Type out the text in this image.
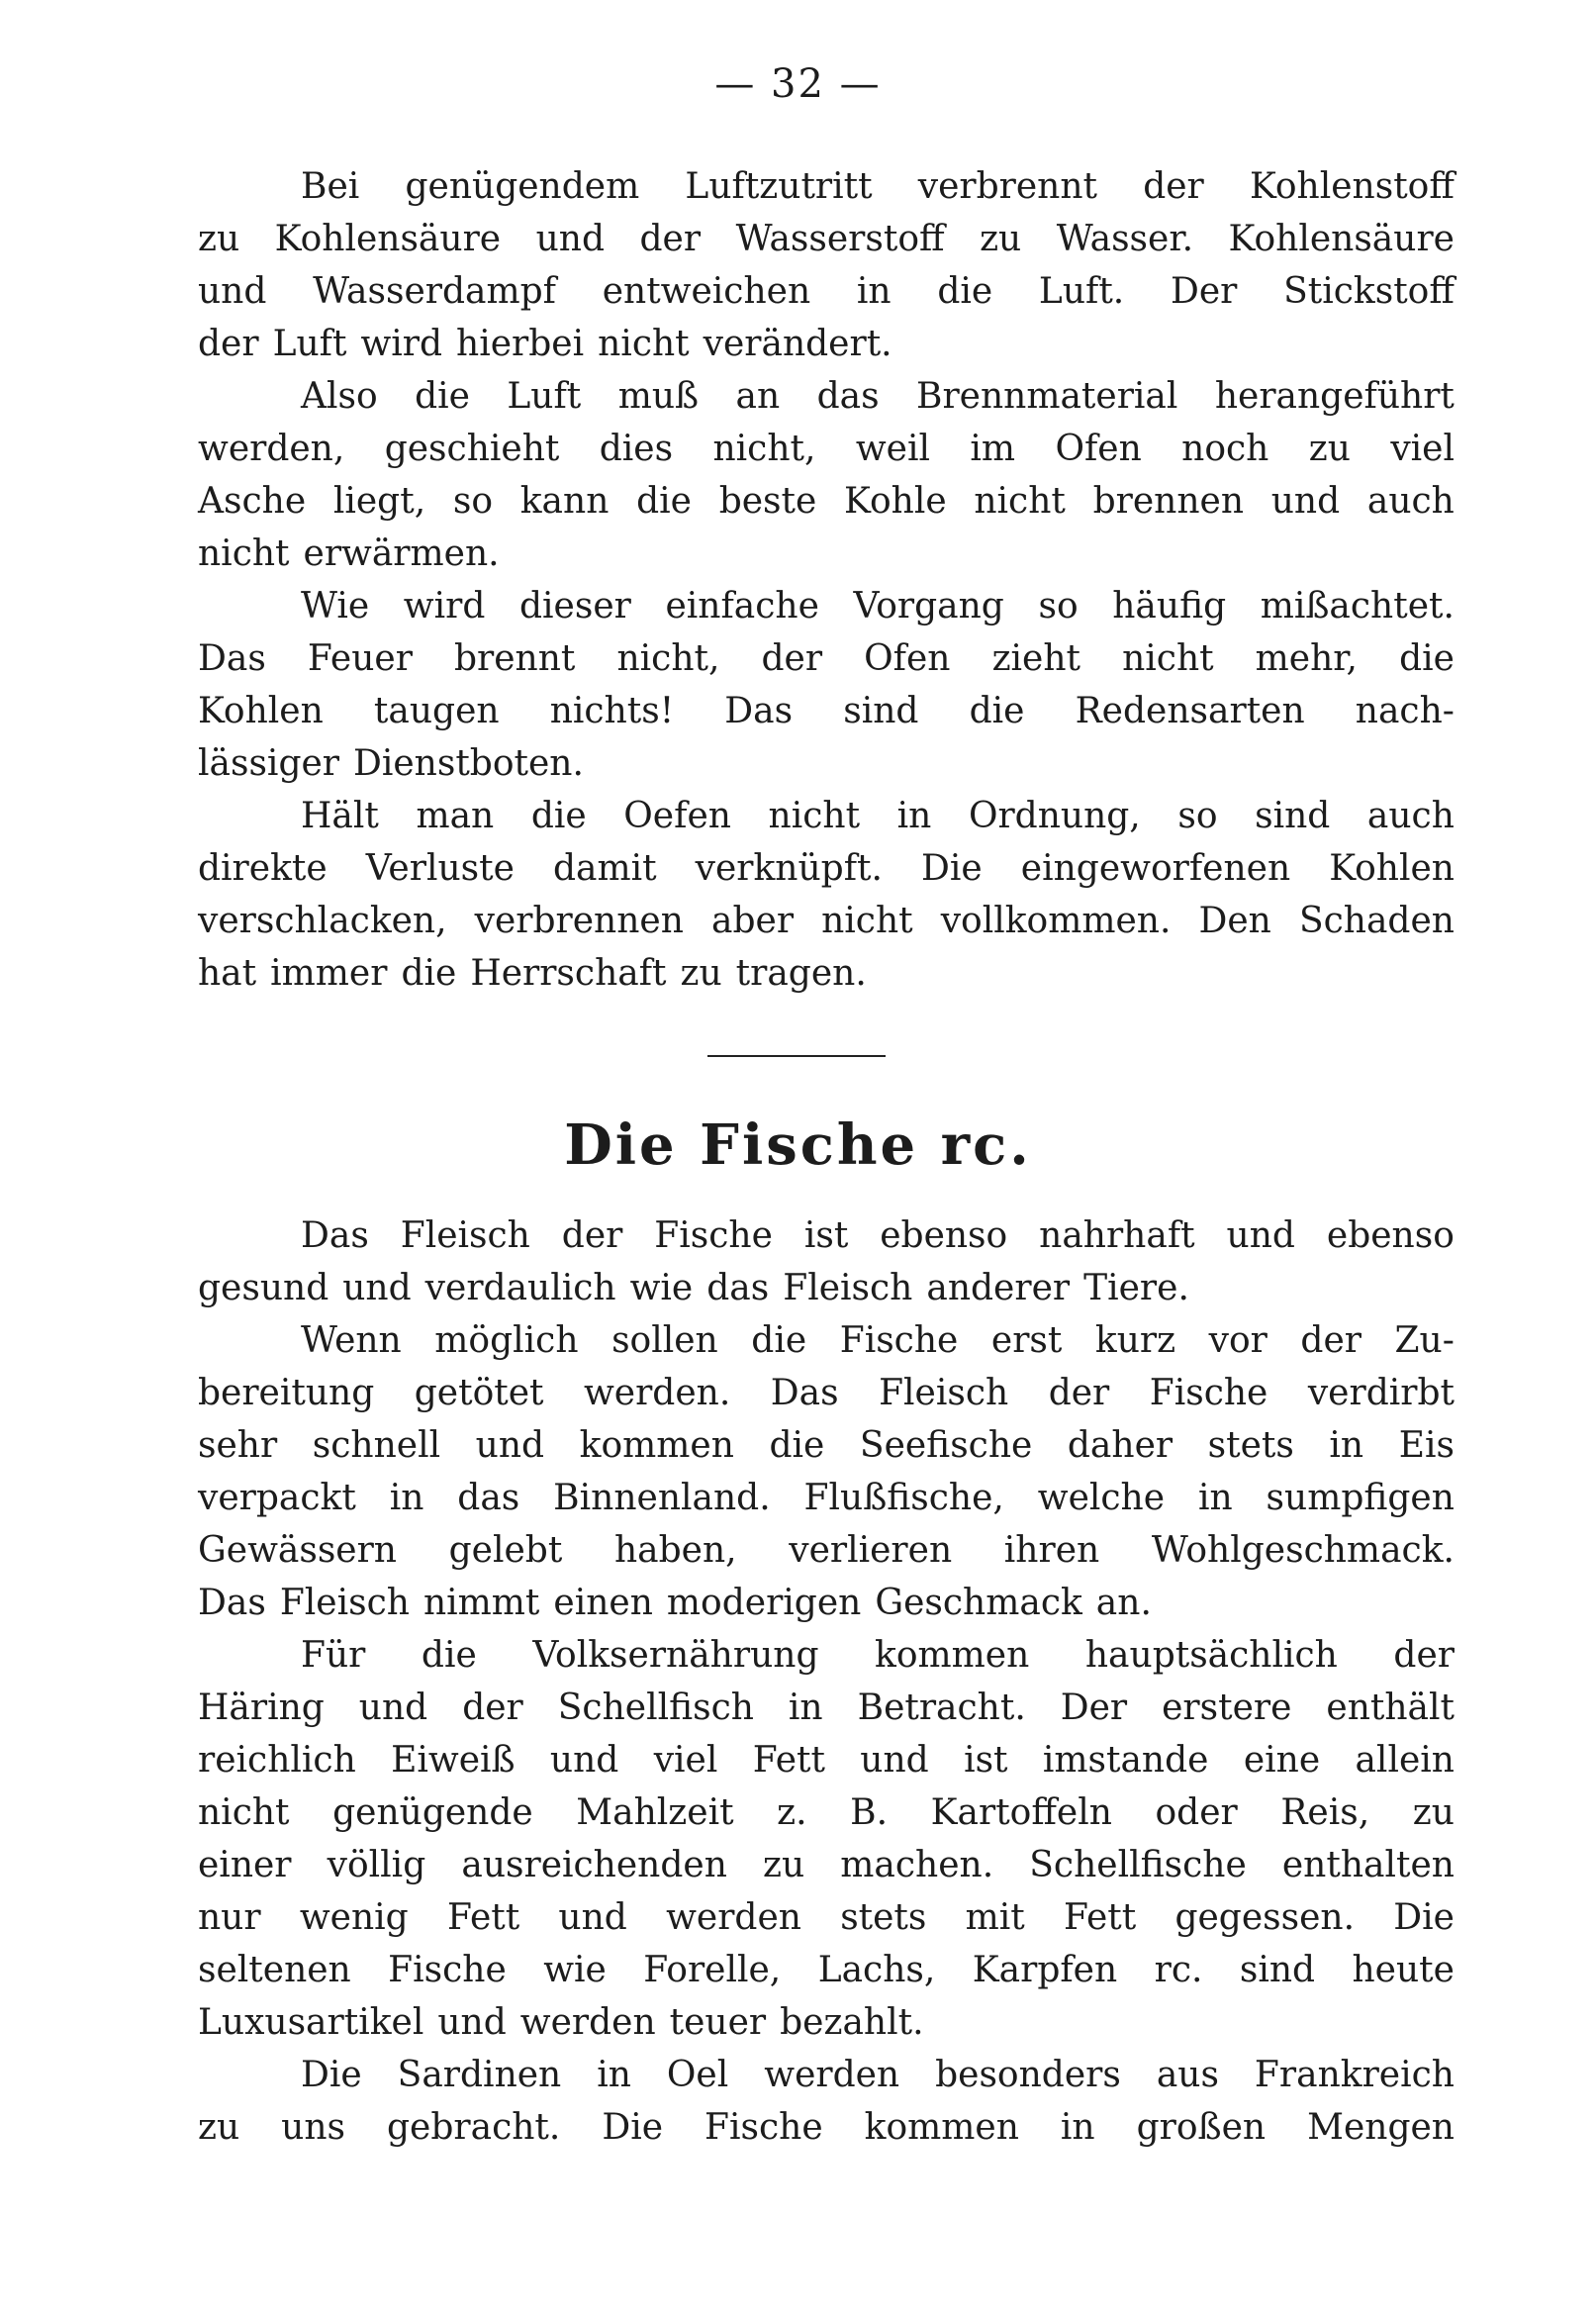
— 32 —
Bei genügendem Luftzutritt verbrennt der Kohlenstoff
zu Kohlensäure und der Wasserstoff zu Wasser. Kohlensäure
und Wasserdampf entweichen in die Luft. Der Stickstoff
der Luft wird hierbei nicht verändert.
Also die Luft muß an das Brennmaterial herangeführt
werden, geschieht dies nicht, weil im Ofen noch zu viel
Asche liegt, so kann die beste Kohle nicht brennen und auch
nicht erwärmen.
Wie wird dieser einfache Vorgang so häufig mißachtet.
Das Feuer brennt nicht, der Ofen zieht nicht mehr, die
Kohlen taugen nichts! Das sind die Redensarten nach-
lässiger Dienstboten.
Hält man die Oefen nicht in Ordnung, so sind auch
direkte Verluste damit verknüpft. Die eingeworfenen Kohlen
verschlacken, verbrennen aber nicht vollkommen. Den Schaden
hat immer die Herrschaft zu tragen.
Die Fische rc.
Das Fleisch der Fische ist ebenso nahrhaft und ebenso
gesund und verdaulich wie das Fleisch anderer Tiere.
Wenn möglich sollen die Fische erst kurz vor der Zu-
bereitung getötet werden. Das Fleisch der Fische verdirbt
sehr schnell und kommen die Seefische daher stets in Eis
verpackt in das Binnenland. Flußfische, welche in sumpfigen
Gewässern gelebt haben, verlieren ihren Wohlgeschmack.
Das Fleisch nimmt einen moderigen Geschmack an.
Für die Volksernährung kommen hauptsächlich der
Häring und der Schellfisch in Betracht. Der erstere enthält
reichlich Eiweiß und viel Fett und ist imstande eine allein
nicht genügende Mahlzeit z. B. Kartoffeln oder Reis, zu
einer völlig ausreichenden zu machen. Schellfische enthalten
nur wenig Fett und werden stets mit Fett gegessen. Die
seltenen Fische wie Forelle, Lachs, Karpfen rc. sind heute
Luxusartikel und werden teuer bezahlt.
Die Sardinen in Oel werden besonders aus Frankreich
zu uns gebracht. Die Fische kommen in großen Mengen
